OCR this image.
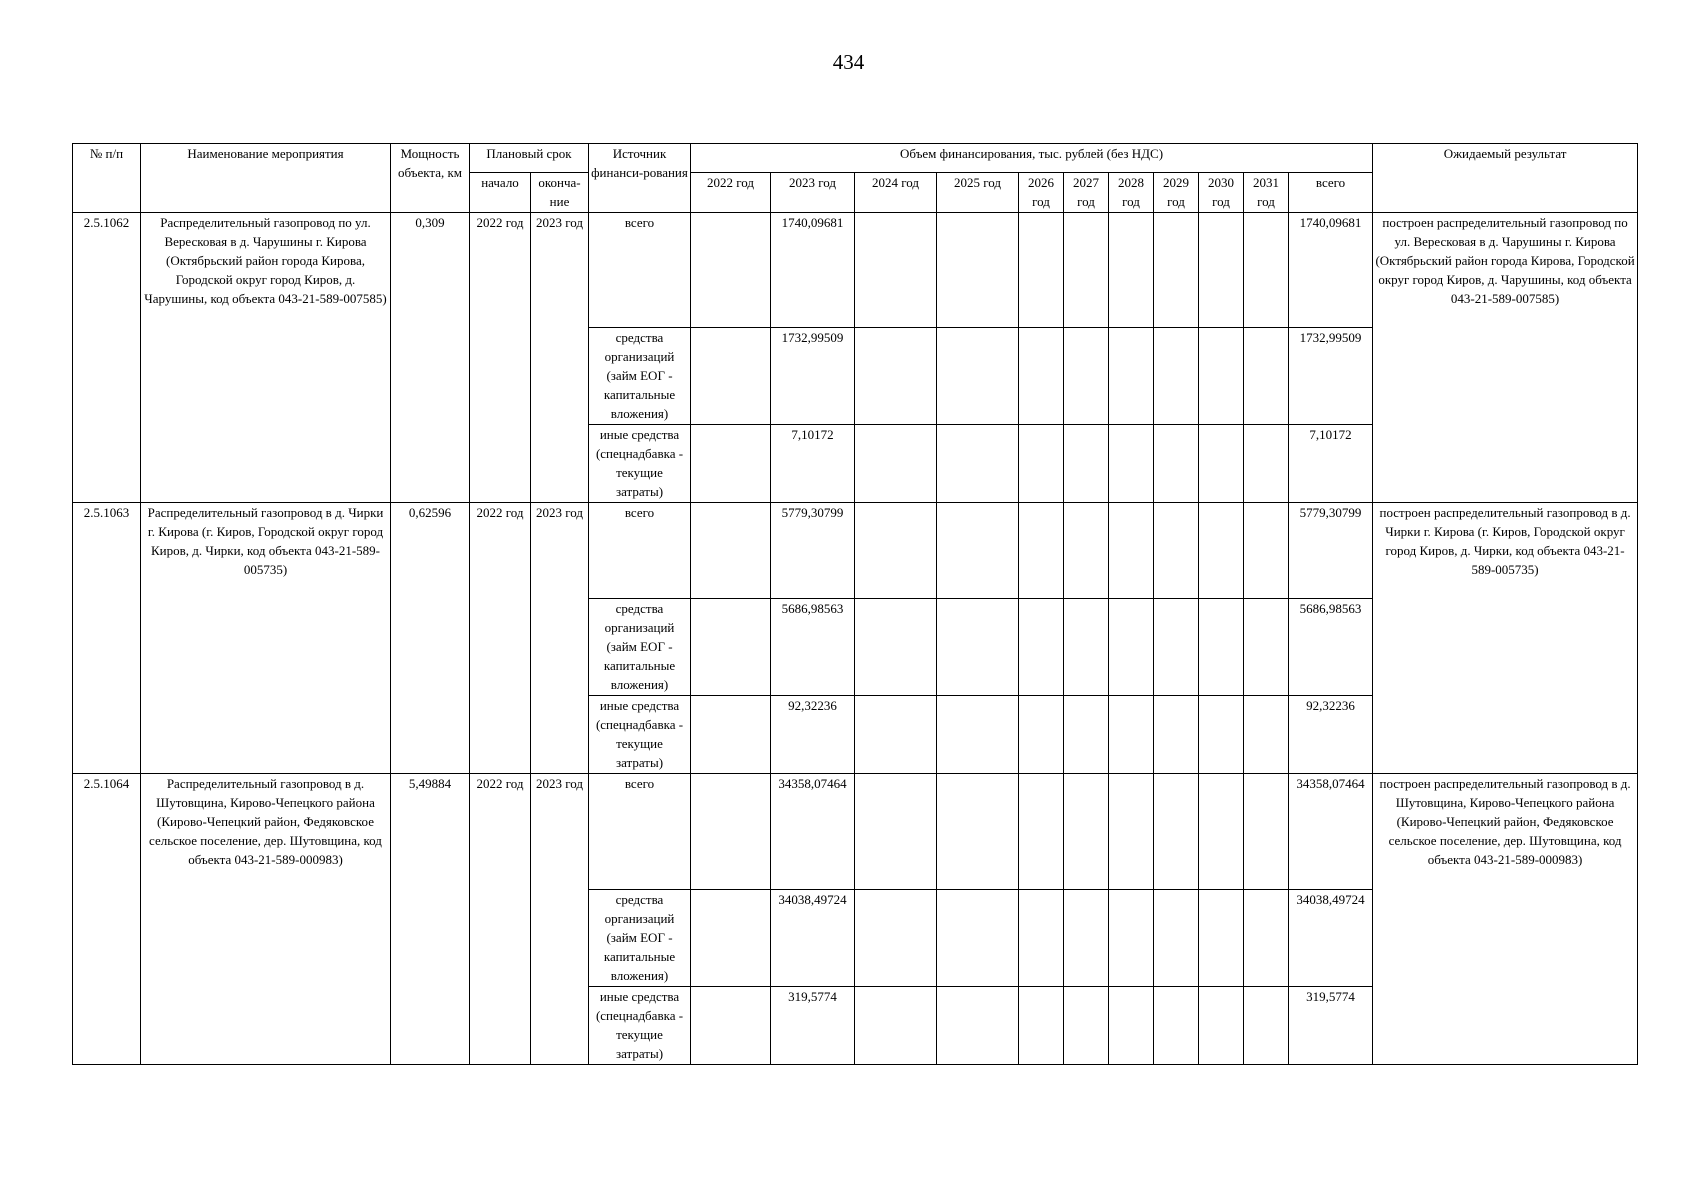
434
№ п/п	Наименование мероприятия	Мощность объекта, км	Плановый срок		Источник финанси-рования	Объем финансирования, тыс. рублей (без НДС)											Ожидаемый результат
			начало	оконча-ние		2022 год	2023 год	2024 год	2025 год	2026 год	2027 год	2028 год	2029 год	2030 год	2031 год	всего	
2.5.1062	Распределительный газопровод по ул. Вересковая в д. Чарушины г. Кирова (Октябрьский район города Кирова, Городской округ город Киров, д. Чарушины, код объекта 043-21-589-007585)	0,309	2022 год	2023 год	всего		1740,09681									1740,09681	построен распределительный газопровод по ул. Вересковая в д. Чарушины г. Кирова (Октябрьский район города Кирова, Городской округ город Киров, д. Чарушины, код объекта 043-21-589-007585)
					средства организаций (займ ЕОГ - капитальные вложения)		1732,99509									1732,99509	
					иные средства (спецнадбавка - текущие затраты)		7,10172									7,10172	
2.5.1063	Распределительный газопровод в д. Чирки г. Кирова (г. Киров, Городской округ город Киров, д. Чирки, код объекта 043-21-589-005735)	0,62596	2022 год	2023 год	всего		5779,30799									5779,30799	построен распределительный газопровод в д. Чирки г. Кирова (г. Киров, Городской округ город Киров, д. Чирки, код объекта 043-21-589-005735)
					средства организаций (займ ЕОГ - капитальные вложения)		5686,98563									5686,98563	
					иные средства (спецнадбавка - текущие затраты)		92,32236									92,32236	
2.5.1064	Распределительный газопровод в д. Шутовщина, Кирово-Чепецкого района (Кирово-Чепецкий район, Федяковское сельское поселение, дер. Шутовщина, код объекта 043-21-589-000983)	5,49884	2022 год	2023 год	всего		34358,07464									34358,07464	построен распределительный газопровод в д. Шутовщина, Кирово-Чепецкого района (Кирово-Чепецкий район, Федяковское сельское поселение, дер. Шутовщина, код объекта 043-21-589-000983)
					средства организаций (займ ЕОГ - капитальные вложения)		34038,49724									34038,49724	
					иные средства (спецнадбавка - текущие затраты)		319,5774									319,5774	
